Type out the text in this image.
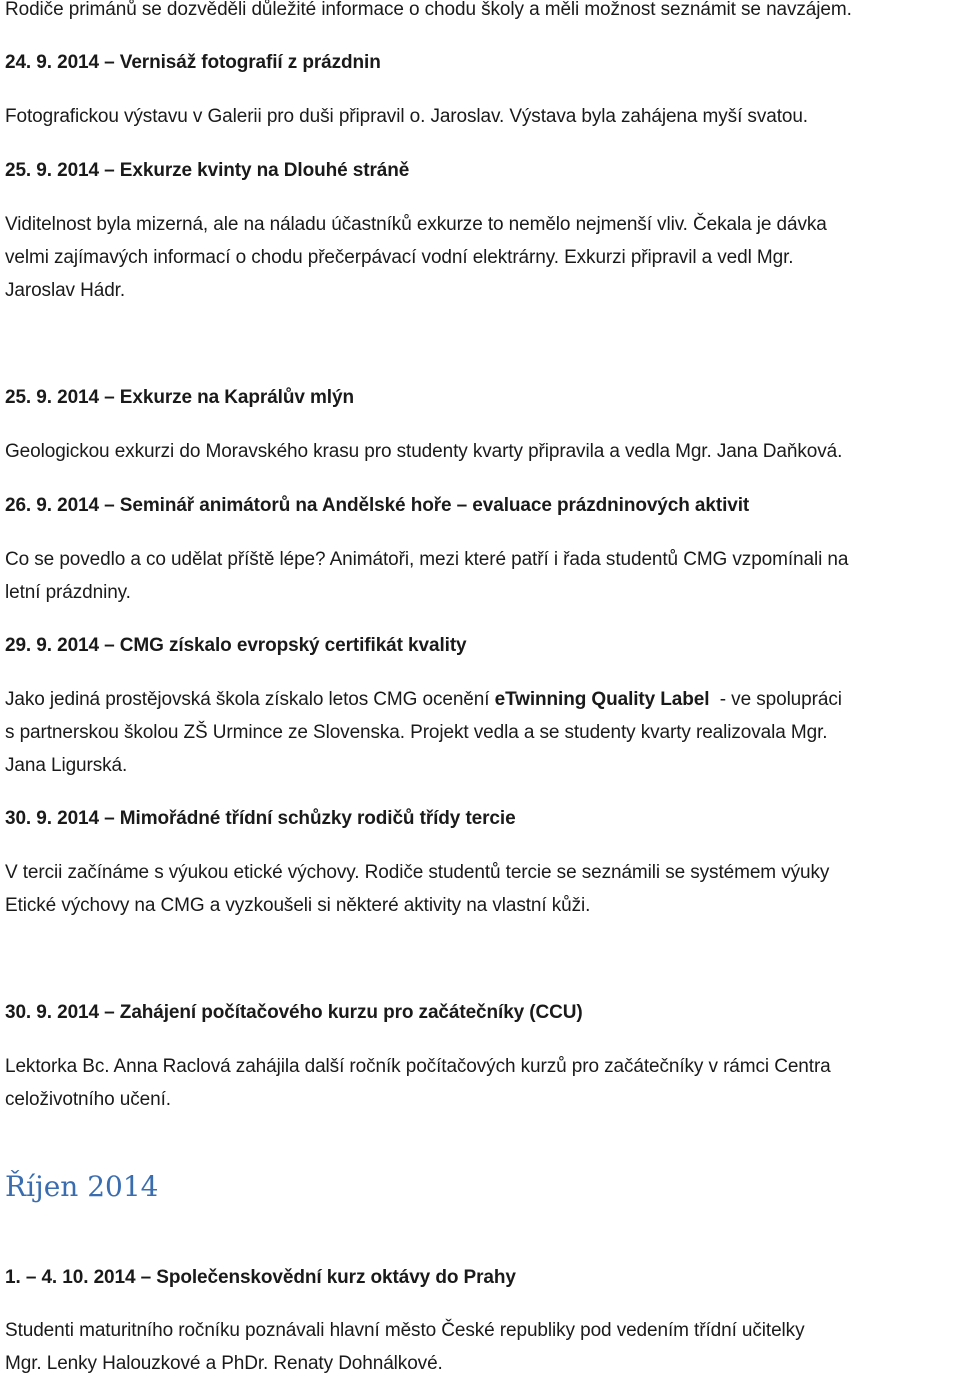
Rodiče primánů se dozvěděli důležité informace o chodu školy a měli možnost seznámit se navzájem.
24. 9. 2014 – Vernisáž fotografií z prázdnin
Fotografickou výstavu v Galerii pro duši připravil o. Jaroslav. Výstava byla zahájena myší svatou.
25. 9. 2014 – Exkurze kvinty na Dlouhé stráně
Viditelnost byla mizerná, ale na náladu účastníků exkurze to nemělo nejmenší vliv. Čekala je dávka
velmi zajímavých informací o chodu přečerpávací vodní elektrárny. Exkurzi připravil a vedl Mgr.
Jaroslav Hádr.
25. 9. 2014 – Exkurze na Kaprálův mlýn
Geologickou exkurzi do Moravského krasu pro studenty kvarty připravila a vedla Mgr. Jana Daňková.
26. 9. 2014 – Seminář animátorů na Andělské hoře – evaluace prázdninových aktivit
Co se povedlo a co udělat příště lépe? Animátoři, mezi které patří i řada studentů CMG vzpomínali na
letní prázdniny.
29. 9. 2014 – CMG získalo evropský certifikát kvality
Jako jediná prostějovská škola získalo letos CMG ocenění eTwinning Quality Label  - ve spolupráci
s partnerskou školou ZŠ Urmince ze Slovenska. Projekt vedla a se studenty kvarty realizovala Mgr.
Jana Ligurská.
30. 9. 2014 – Mimořádné třídní schůzky rodičů třídy tercie
V tercii začínáme s výukou etické výchovy. Rodiče studentů tercie se seznámili se systémem výuky
Etické výchovy na CMG a vyzkoušeli si některé aktivity na vlastní kůži.
30. 9. 2014 – Zahájení počítačového kurzu pro začátečníky (CCU)
Lektorka Bc. Anna Raclová zahájila další ročník počítačových kurzů pro začátečníky v rámci Centra
celoživotního učení.
Říjen 2014
1. – 4. 10. 2014 – Společenskovědní kurz oktávy do Prahy
Studenti maturitního ročníku poznávali hlavní město České republiky pod vedením třídní učitelky
Mgr. Lenky Halouzkové a PhDr. Renaty Dohnálkové.
